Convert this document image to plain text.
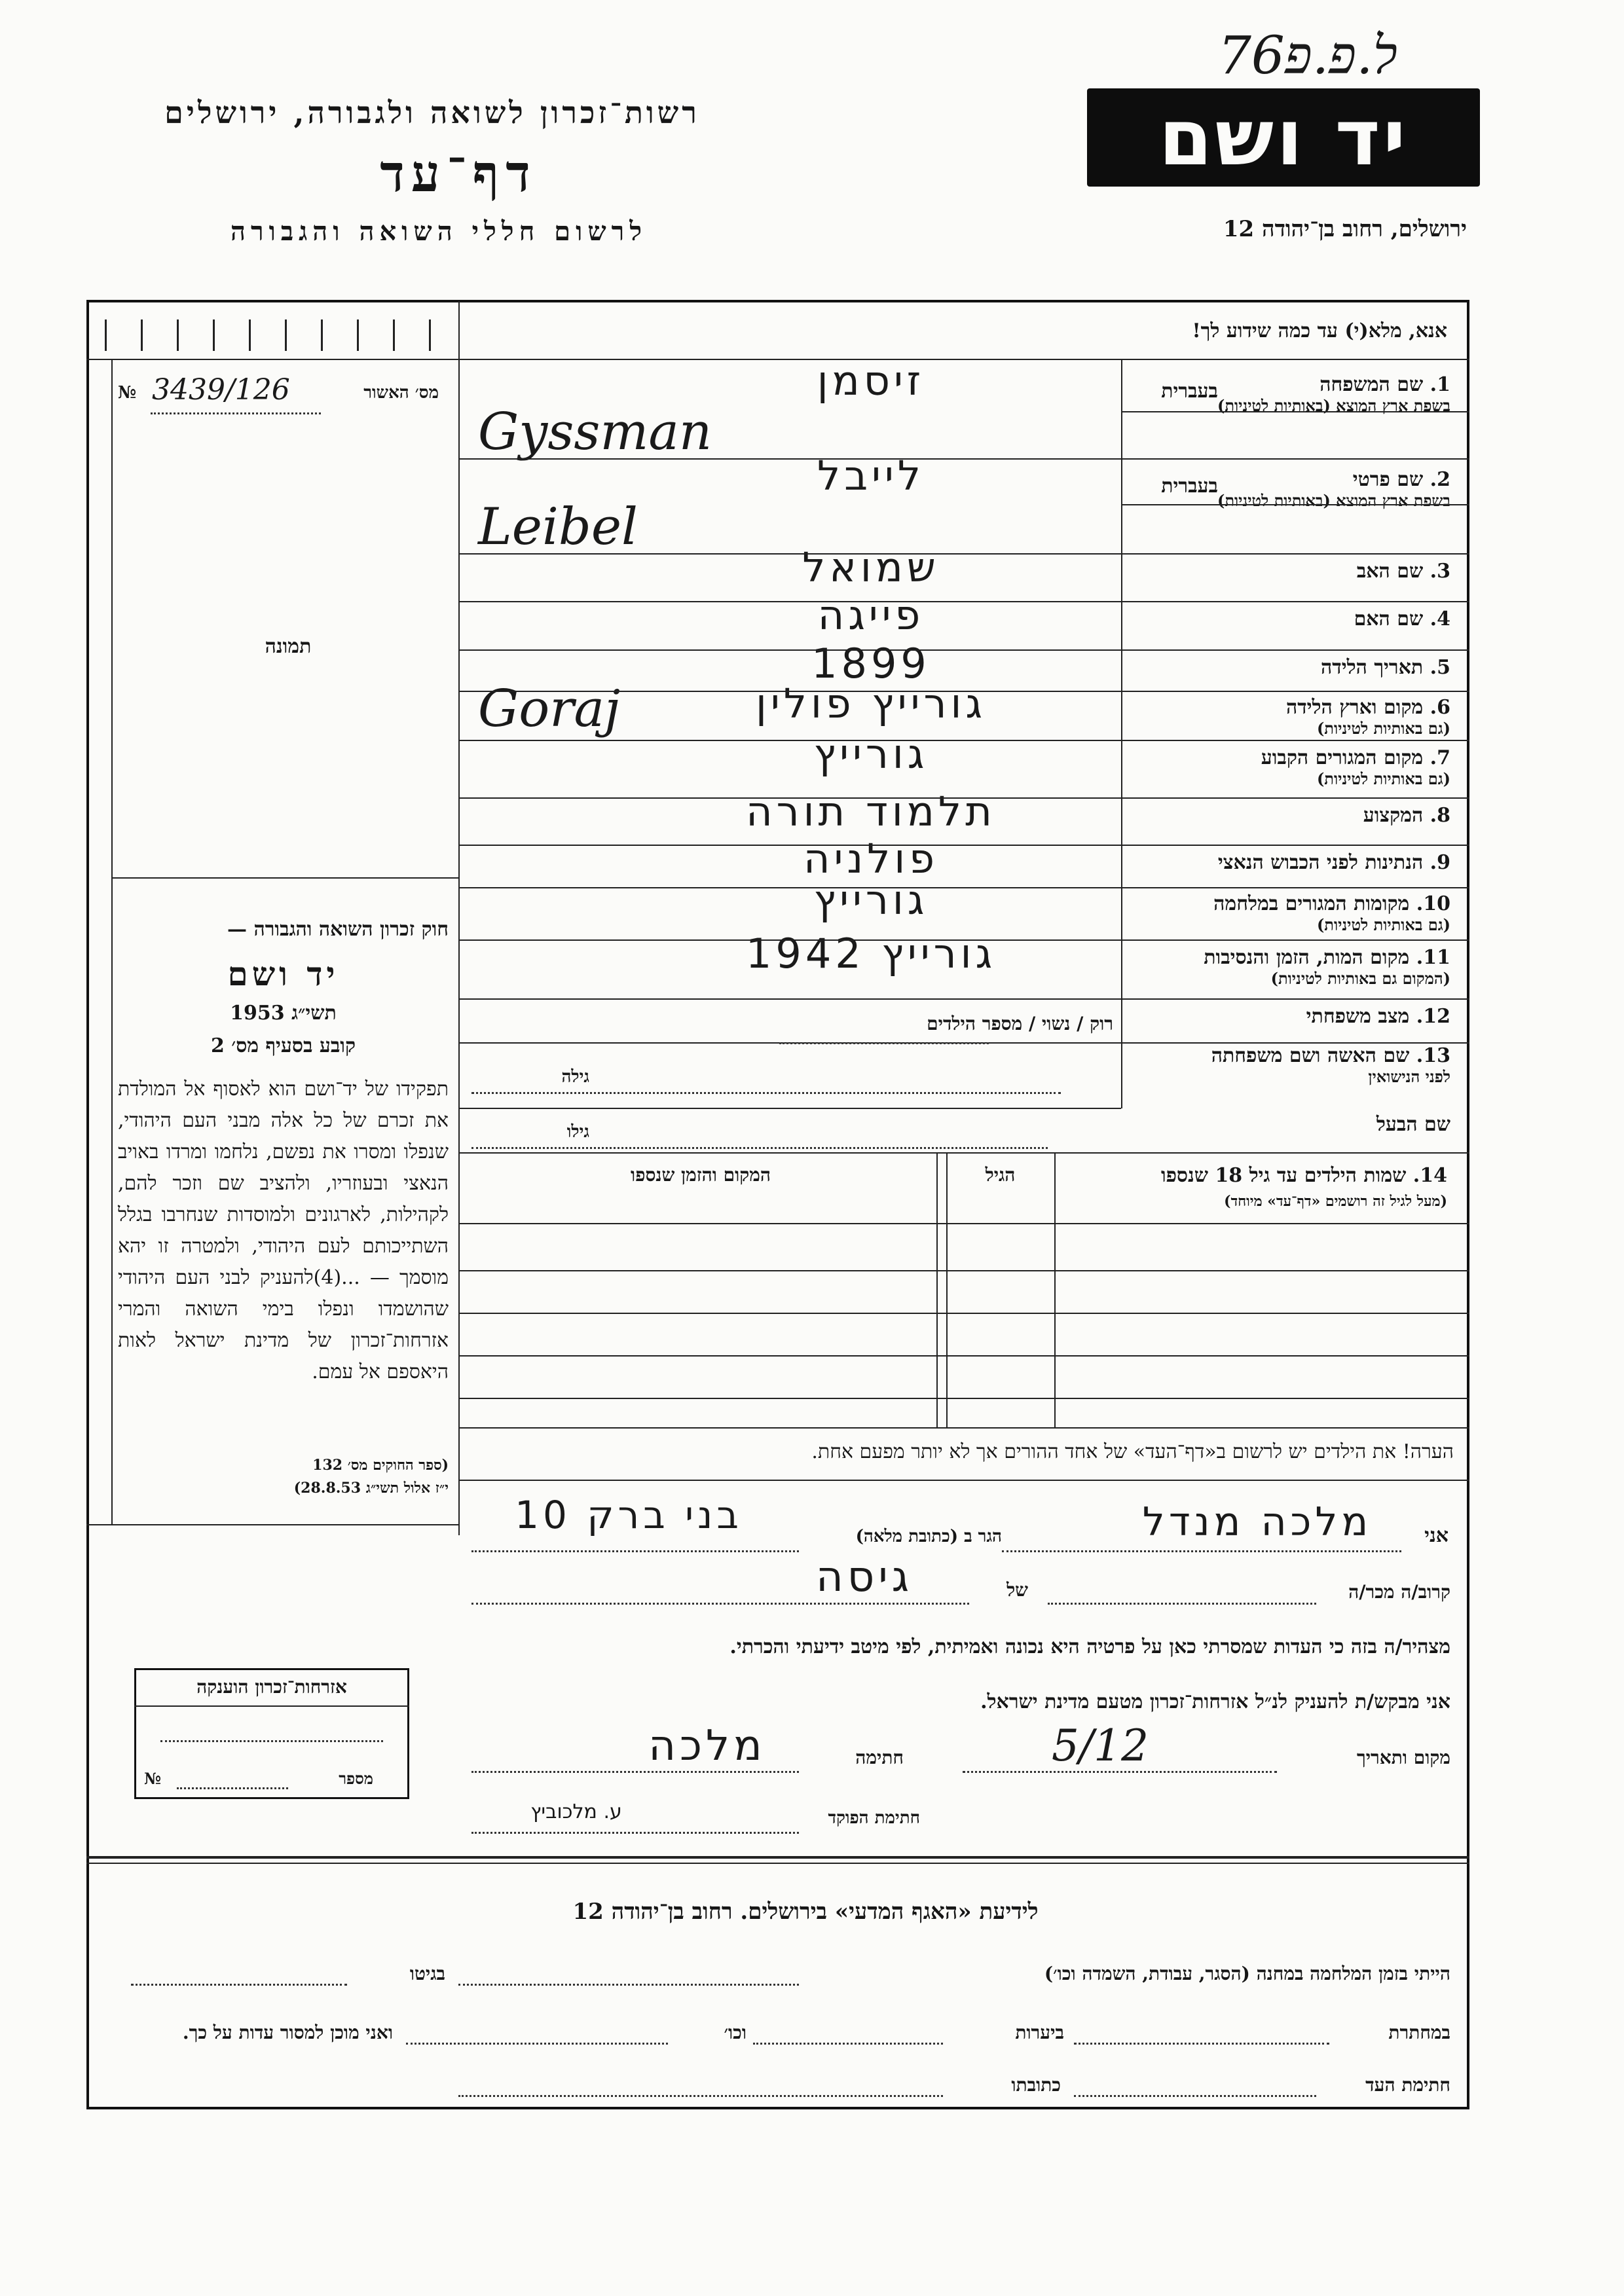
7ל.פ.פ6
רשות־זכרון לשואה ולגבורה, ירושלים
דף־עד
לרשום חללי השואה והגבורה
יד ושם
ירושלים, רחוב בן־יהודה 12
אנא, מלא(י) עד כמה שידוע לך!
מס׳ האשור
№ 3439/126
תמונה
חוק זכרון השואה והגבורה —
יד ושם
תשי״ג 1953
קובע בסעיף מס׳ 2
תפקידו של יד־ושם הוא לאסוף אל המולדת את זכרם של כל אלה מבני העם היהודי, שנפלו ומסרו את נפשם, נלחמו ומרדו באויב הנאצי ובעוזריו, ולהציב שם וזכר להם, לקהילות, לארגונים ולמוסדות שנחרבו בגלל השתייכותם לעם היהודי, ולמטרה זו יהא מוסמך — ...(4)להעניק לבני העם היהודי שהושמדו ונפלו בימי השואה והמרי אזרחות־זכרון של מדינת ישראל לאות היאספם אל עמם.
(ספר החוקים מס׳ 132
י״ז אלול תשי״ג 28.8.53)
1. שם המשפחה
בשפת ארץ המוצא (באותיות לטיניות)
בעברית
זיסמן
Gyssman
2. שם פרטי
בשפת ארץ המוצא (באותיות לטיניות)
בעברית
לייבל
Leibel
3. שם האב
שמואל
4. שם האם
פייגה
5. תאריך הלידה
1899
6. מקום וארץ הלידה
(גם באותיות לטיניות)
גורייץ פולין
Goraj
7. מקום המגורים הקבוע
(גם באותיות לטיניות)
גורייץ
8. המקצוע
תלמוד תורה
9. הנתינות לפני הכבוש הנאצי
פולניה
10. מקומות המגורים במלחמה
(גם באותיות לטיניות)
גורייץ
11. מקום המות, הזמן והנסיבות
(המקום גם באותיות לטיניות)
גורייץ 1942
12. מצב משפחתי
רוק / נשוי / מספר הילדים
13. שם האשה ושם משפחתה
לפני הנישואין
שם הבעל
גילה
גילו
14. שמות הילדים עד גיל 18 שנספו
(מעל לגיל זה רושמים «דף־עד» מיוחד)
הגיל
המקום והזמן שנספו
הערה! את הילדים יש לרשום ב«דף־העד» של אחד ההורים אך לא יותר מפעם אחת.
אני
מלכה מנדל
הגר ב (כתובת מלאה)
בני ברק 10
קרוב/ה מכר/ה
של
גיסה
מצהיר/ה בזה כי העדות שמסרתי כאן על פרטיה היא נכונה ואמיתית, לפי מיטב ידיעתי והכרתי.
אני מבקש/ת להעניק לנ״ל אזרחות־זכרון מטעם מדינת ישראל.
מקום ותאריך
5/12
חתימה
מלכה
חתימת הפוקד
ע. מלכוביץ
אזרחות־זכרון הוענקה
מספר
№
לידיעת «האגף המדעי» בירושלים. רחוב בן־יהודה 12
הייתי בזמן המלחמה במחנה (הסגר, עבודת, השמדה וכו׳)
בגיטו
במחתרת
ביערות
וכו׳
ואני מוכן למסור עדות על כך.
חתימת העד
כתובתו
